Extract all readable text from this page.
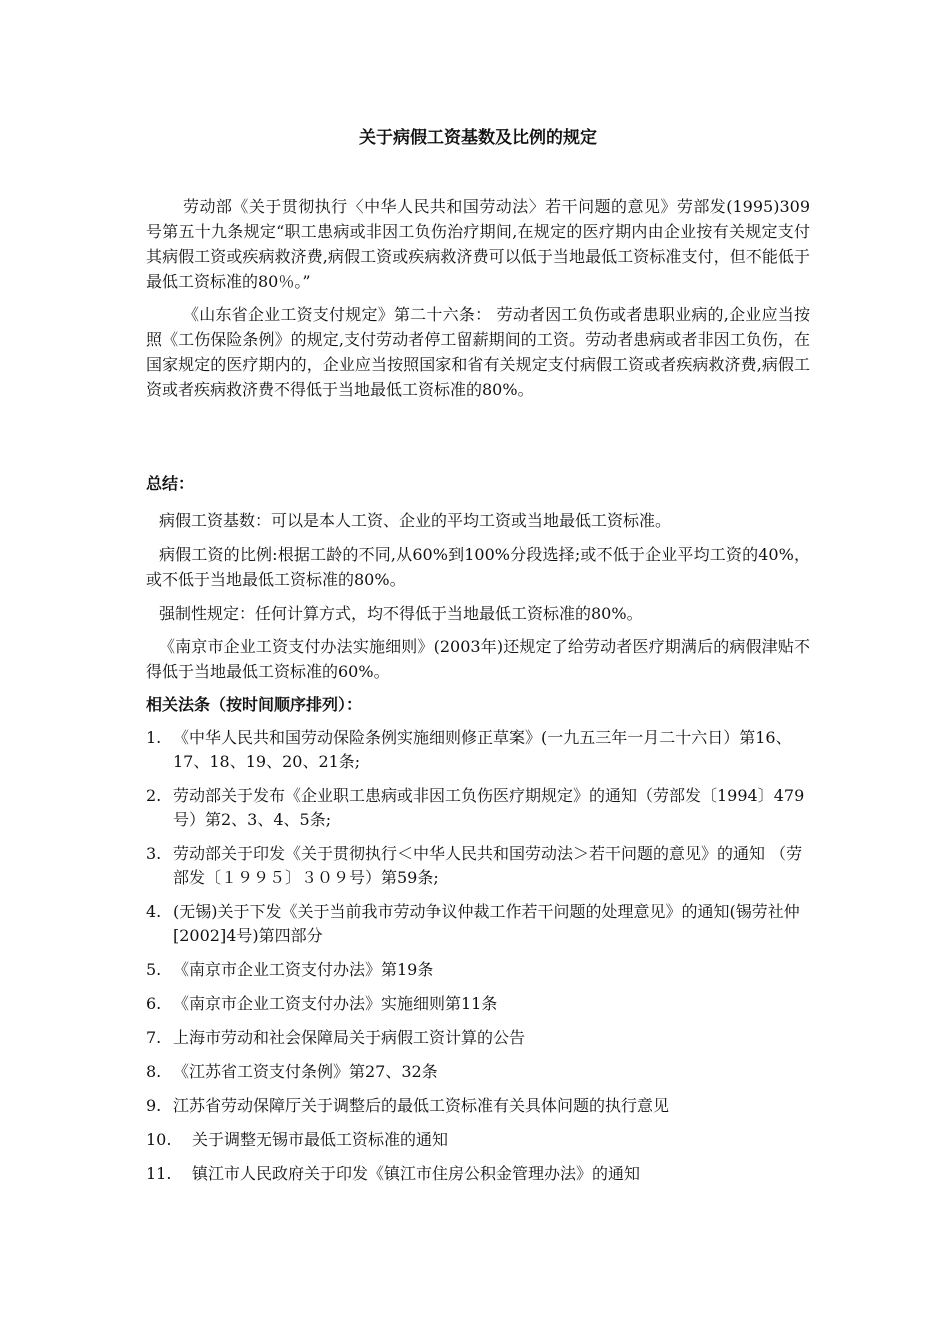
关于病假工资基数及比例的规定

劳动部《关于贯彻执行〈中华人民共和国劳动法〉若干问题的意见》劳部发(1995)309号第五十九条规定“职工患病或非因工负伤治疗期间,在规定的医疗期内由企业按有关规定支付其病假工资或疾病救济费,病假工资或疾病救济费可以低于当地最低工资标准支付，但不能低于最低工资标准的80％。”

《山东省企业工资支付规定》第二十六条： 劳动者因工负伤或者患职业病的,企业应当按照《工伤保险条例》的规定,支付劳动者停工留薪期间的工资。劳动者患病或者非因工负伤，在国家规定的医疗期内的，企业应当按照国家和省有关规定支付病假工资或者疾病救济费,病假工资或者疾病救济费不得低于当地最低工资标准的80%。

总结：

病假工资基数：可以是本人工资、企业的平均工资或当地最低工资标准。

病假工资的比例:根据工龄的不同,从60%到100%分段选择;或不低于企业平均工资的40%，或不低于当地最低工资标准的80%。

强制性规定：任何计算方式，均不得低于当地最低工资标准的80%。

《南京市企业工资支付办法实施细则》(2003年)还规定了给劳动者医疗期满后的病假津贴不得低于当地最低工资标准的60%。

相关法条（按时间顺序排列）：
1. 《中华人民共和国劳动保险条例实施细则修正草案》(一九五三年一月二十六日）第16、17、18、19、20、21条;
2. 劳动部关于发布《企业职工患病或非因工负伤医疗期规定》的通知（劳部发〔1994〕479号）第2、3、4、5条;
3. 劳动部关于印发《关于贯彻执行＜中华人民共和国劳动法＞若干问题的意见》的通知 （劳部发〔１９９５〕３０９号）第59条;
4. (无锡)关于下发《关于当前我市劳动争议仲裁工作若干问题的处理意见》的通知(锡劳社仲[2002]4号)第四部分
5. 《南京市企业工资支付办法》第19条
6. 《南京市企业工资支付办法》实施细则第11条
7. 上海市劳动和社会保障局关于病假工资计算的公告
8. 《江苏省工资支付条例》第27、32条
9. 江苏省劳动保障厅关于调整后的最低工资标准有关具体问题的执行意见
10. 关于调整无锡市最低工资标准的通知
11. 镇江市人民政府关于印发《镇江市住房公积金管理办法》的通知
